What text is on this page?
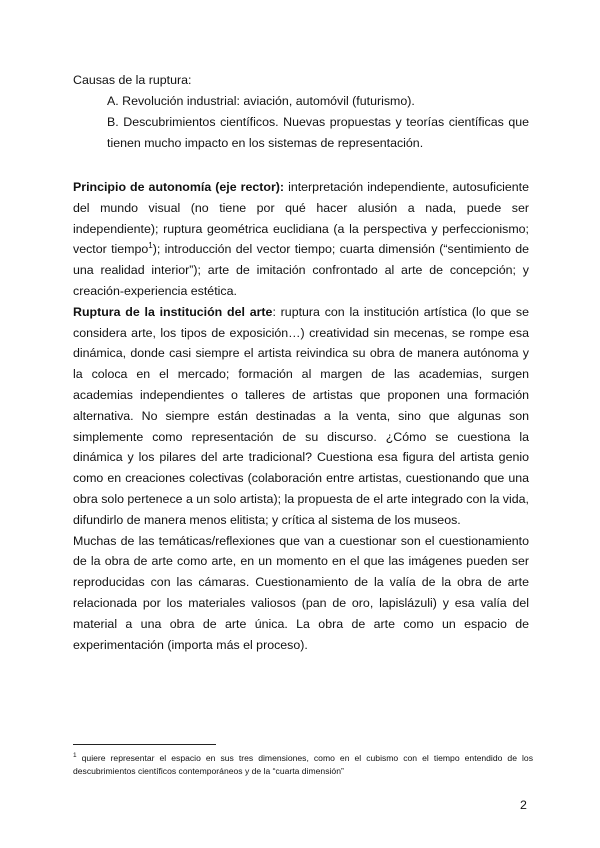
Causas de la ruptura:
A. Revolución industrial: aviación, automóvil (futurismo).
B. Descubrimientos científicos. Nuevas propuestas y teorías científicas que tienen mucho impacto en los sistemas de representación.

Principio de autonomía (eje rector): interpretación independiente, autosuficiente del mundo visual (no tiene por qué hacer alusión a nada, puede ser independiente); ruptura geométrica euclidiana (a la perspectiva y perfeccionismo; vector tiempo$^1$); introducción del vector tiempo; cuarta dimensión (“sentimiento de una realidad interior”); arte de imitación confrontado al arte de concepción; y creación-experiencia estética.

Ruptura de la institución del arte: ruptura con la institución artística (lo que se considera arte, los tipos de exposición…) creatividad sin mecenas, se rompe esa dinámica, donde casi siempre el artista reivindica su obra de manera autónoma y la coloca en el mercado; formación al margen de las academias, surgen academias independientes o talleres de artistas que proponen una formación alternativa. No siempre están destinadas a la venta, sino que algunas son simplemente como representación de su discurso. ¿Cómo se cuestiona la dinámica y los pilares del arte tradicional? Cuestiona esa figura del artista genio como en creaciones colectivas (colaboración entre artistas, cuestionando que una obra solo pertenece a un solo artista); la propuesta de el arte integrado con la vida, difundirlo de manera menos elitista; y crítica al sistema de los museos.

Muchas de las temáticas/reflexiones que van a cuestionar son el cuestionamiento de la obra de arte como arte, en un momento en el que las imágenes pueden ser reproducidas con las cámaras. Cuestionamiento de la valía de la obra de arte relacionada por los materiales valiosos (pan de oro, lapislázuli) y esa valía del material a una obra de arte única. La obra de arte como un espacio de experimentación (importa más el proceso).

$^1$ quiere representar el espacio en sus tres dimensiones, como en el cubismo con el tiempo entendido de los descubrimientos científicos contemporáneos y de la “cuarta dimensión”
2
